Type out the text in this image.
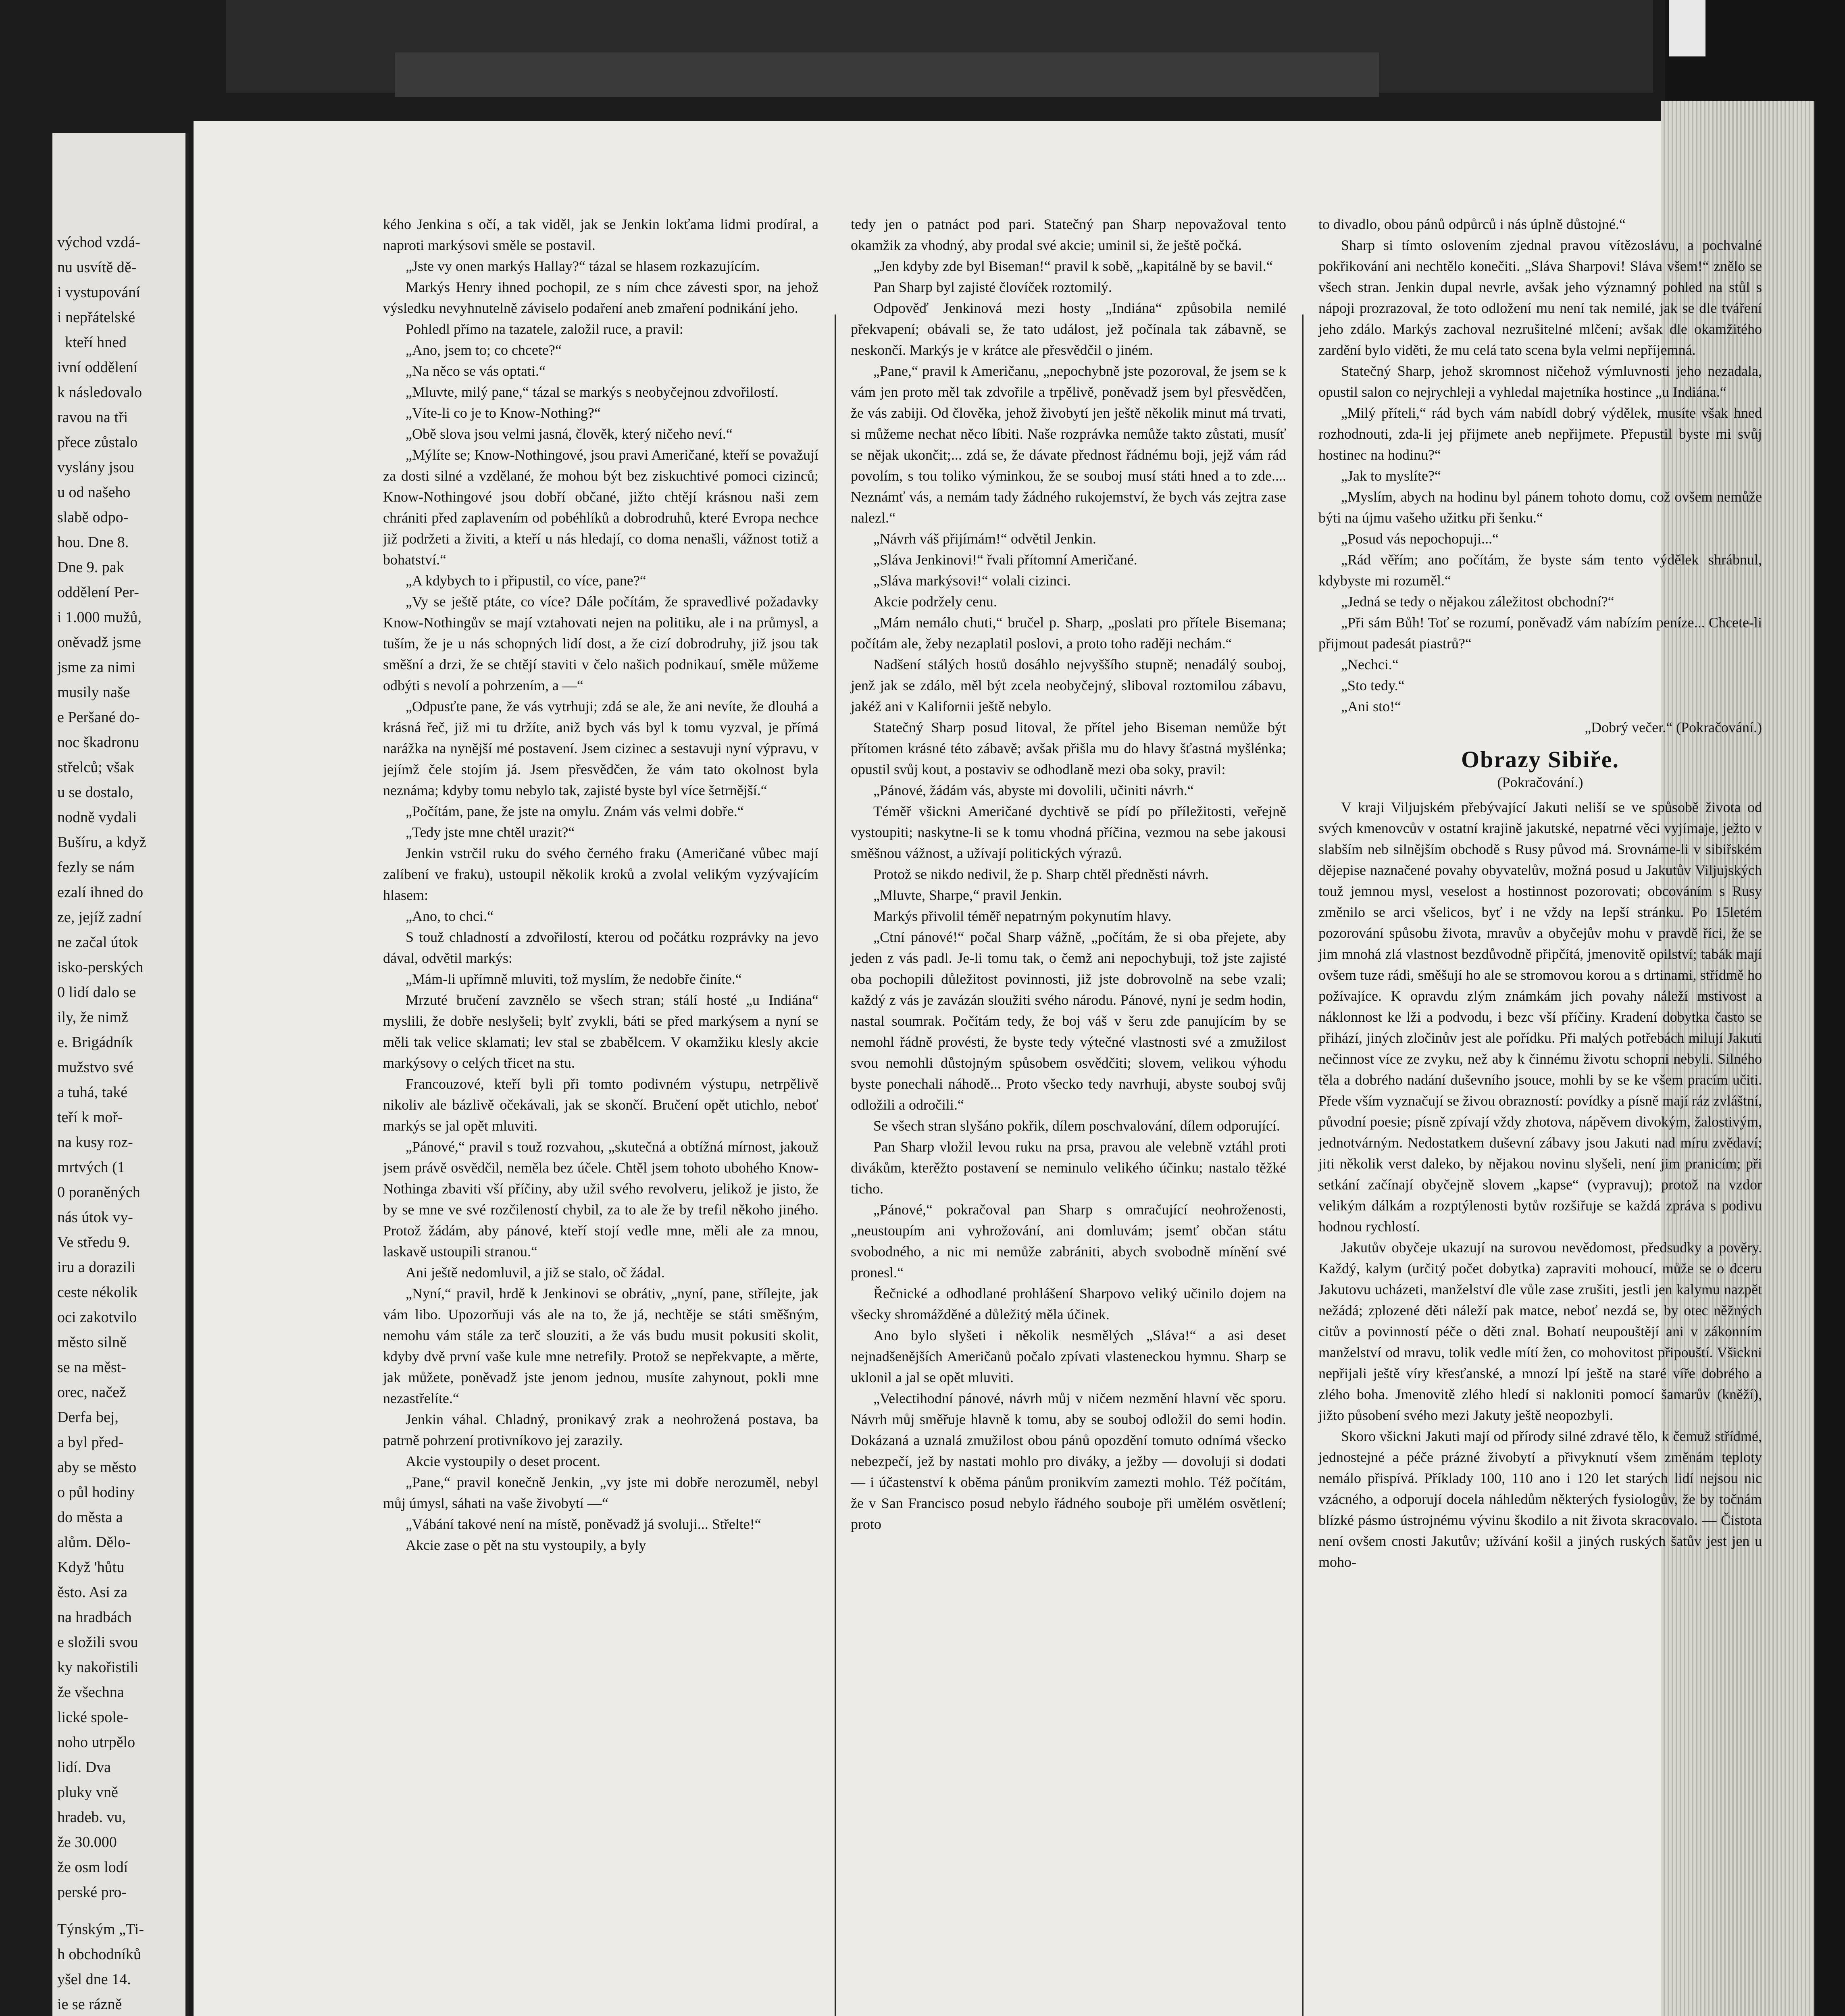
východ vzdá-
nu usvítě dě-
i vystupování
i nepřátelské
kteří hned
ivní oddělení
k následovalo
ravou na tři
přece zůstalo
vyslány jsou
u od našeho
slabě odpo-
hou. Dne 8.
Dne 9. pak
oddělení Per-
i 1.000 mužů,
oněvadž jsme
jsme za nimi
musily naše
e Peršané do-
noc škadronu
střelců; však
u se dostalo,
nodně vydali
Bušíru, a když
fezly se nám
ezalí ihned do
ze, jejíž zadní
ne začal útok
isko-perských
0 lidí dalo se
ily, že nimž
e. Brigádník
mužstvo své
a tuhá, také
teří k moř-
na kusy roz-
mrtvých (1
0 poraněných
nás útok vy-
Ve středu 9.
iru a dorazili
ceste nékolik
oci zakotvilo
město silně
se na měst-
orec, načež
Derfa bej,
a byl před-
aby se město
o půl hodiny
do města a
alům. Dělo-
Když 'hůtu
ěsto. Asi za
na hradbách
e složili svou
ky nakořistili
že všechna
lické spole-
noho utrpělo
lidí. Dva
pluky vně
hradeb. vu,
že 30.000
že osm lodí
perské pro-
Týnským „Ti-
h obchodníků
yšel dne 14.
ie se rázně

kého Jenkina s očí, a tak viděl, jak se Jenkin lokťama lidmi prodíral, a naproti markýsovi směle se postavil.

„Jste vy onen markýs Hallay?“ tázal se hlasem rozkazujícím.

Markýs Henry ihned pochopil, ze s ním chce závesti spor, na jehož výsledku nevyhnutelně záviselo podaření aneb zmaření podnikání jeho.

Pohledl přímo na tazatele, založil ruce, a pravil:

„Ano, jsem to; co chcete?“

„Na něco se vás optati.“

„Mluvte, milý pane,“ tázal se markýs s neobyčejnou zdvořilostí.

„Víte-li co je to Know-Nothing?“

„Obě slova jsou velmi jasná, člověk, který ničeho neví.“

„Mýlíte se; Know-Nothingové, jsou pravi Američané, kteří se považují za dosti silné a vzdělané, že mohou být bez ziskuchtivé pomoci cizinců; Know-Nothingové jsou dobří občané, jižto chtějí krásnou naši zem chrániti před zaplavením od pobéhlíků a dobrodruhů, které Evropa nechce již podržeti a živiti, a kteří u nás hledají, co doma nenašli, vážnost totiž a bohatství.“

„A kdybych to i připustil, co více, pane?“

„Vy se ještě ptáte, co více? Dále počítám, že spravedlivé požadavky Know-Nothingův se mají vztahovati nejen na politiku, ale i na průmysl, a tuším, že je u nás schopných lidí dost, a že cizí dobrodruhy, již jsou tak směšní a drzi, že se chtějí staviti v čelo našich podnikauí, směle můžeme odbýti s nevolí a pohrzením, a —“

„Odpusťte pane, že vás vytrhuji; zdá se ale, že ani nevíte, že dlouhá a krásná řeč, již mi tu držíte, aniž bych vás byl k tomu vyzval, je přímá narážka na nynější mé postavení. Jsem cizinec a sestavuji nyní výpravu, v jejímž čele stojím já. Jsem přesvědčen, že vám tato okolnost byla neznáma; kdyby tomu nebylo tak, zajisté byste byl více šetrnější.“

„Počítám, pane, že jste na omylu. Znám vás velmi dobře.“

„Tedy jste mne chtěl urazit?“

Jenkin vstrčil ruku do svého černého fraku (Američané vůbec mají zalíbení ve fraku), ustoupil několik kroků a zvolal velikým vyzývajícím hlasem:

„Ano, to chci.“

S touž chladností a zdvořilostí, kterou od počátku rozprávky na jevo dával, odvětil markýs:

„Mám-li upřímně mluviti, tož myslím, že nedobře činíte.“

Mrzuté bručení zavznělo se všech stran; stálí hosté „u Indiána“ myslili, že dobře neslyšeli; bylť zvykli, báti se před markýsem a nyní se měli tak velice sklamati; lev stal se zbabělcem. V okamžiku klesly akcie markýsovy o celých třicet na stu.

Francouzové, kteří byli při tomto podivném výstupu, netrpělivě nikoliv ale bázlivě očekávali, jak se skončí. Bručení opět utichlo, neboť markýs se jal opět mluviti.

„Pánové,“ pravil s touž rozvahou, „skutečná a obtížná mírnost, jakouž jsem právě osvědčil, neměla bez účele. Chtěl jsem tohoto ubohého Know-Nothinga zbaviti vší příčiny, aby užil svého revolveru, jelikož je jisto, že by se mne ve své rozčileností chybil, za to ale že by trefil někoho jiného. Protož žádám, aby pánové, kteří stojí vedle mne, měli ale za mnou, laskavě ustoupili stranou.“

Ani ještě nedomluvil, a již se stalo, oč žádal.

„Nyní,“ pravil, hrdě k Jenkinovi se obrátiv, „nyní, pane, střílejte, jak vám libo. Upozorňuji vás ale na to, že já, nechtěje se státi směšným, nemohu vám stále za terč slouziti, a že vás budu musit pokusiti skolit, kdyby dvě první vaše kule mne netrefily. Protož se nepřekvapte, a měrte, jak můžete, poněvadž jste jenom jednou, musíte zahynout, pokli mne nezastřelíte.“

Jenkin váhal. Chladný, pronikavý zrak a neohrožená postava, ba patrně pohrzení protivníkovo jej zarazily.

Akcie vystoupily o deset procent.

„Pane,“ pravil konečně Jenkin, „vy jste mi dobře nerozuměl, nebyl můj úmysl, sáhati na vaše živobytí —“

„Vábání takové není na místě, poněvadž já svoluji... Střelte!“

Akcie zase o pět na stu vystoupily, a byly

tedy jen o patnáct pod pari. Statečný pan Sharp nepovažoval tento okamžik za vhodný, aby prodal své akcie; uminil si, že ještě počká.

„Jen kdyby zde byl Biseman!“ pravil k sobě, „kapitálně by se bavil.“

Pan Sharp byl zajisté človíček roztomilý.

Odpověď Jenkinová mezi hosty „Indiána“ způsobila nemilé překvapení; obávali se, že tato událost, jež počínala tak zábavně, se neskončí. Markýs je v krátce ale přesvědčil o jiném.

„Pane,“ pravil k Američanu, „nepochybně jste pozoroval, že jsem se k vám jen proto měl tak zdvořile a trpělivě, poněvadž jsem byl přesvědčen, že vás zabiji. Od člověka, jehož živobytí jen ještě několik minut má trvati, si můžeme nechat něco líbiti. Naše rozprávka nemůže takto zůstati, musíť se nějak ukončit;... zdá se, že dávate přednost řádnému boji, jejž vám rád povolím, s tou toliko výminkou, že se souboj musí státi hned a to zde.... Neznámť vás, a nemám tady žádného rukojemství, že bych vás zejtra zase nalezl.“

„Návrh váš přijímám!“ odvětil Jenkin.

„Sláva Jenkinovi!“ řvali přítomní Američané.

„Sláva markýsovi!“ volali cizinci.

Akcie podržely cenu.

„Mám nemálo chuti,“ bručel p. Sharp, „poslati pro přítele Bisemana; počítám ale, žeby nezaplatil poslovi, a proto toho raději nechám.“

Nadšení stálých hostů dosáhlo nejvyššího stupně; nenadálý souboj, jenž jak se zdálo, měl být zcela neobyčejný, sliboval roztomilou zábavu, jakéž ani v Kalifornii ještě nebylo.

Statečný Sharp posud litoval, že přítel jeho Biseman nemůže být přítomen krásné této zábavě; avšak přišla mu do hlavy šťastná myšlénka; opustil svůj kout, a postaviv se odhodlaně mezi oba soky, pravil:

„Pánové, žádám vás, abyste mi dovolili, učiniti návrh.“

Téměř všickni Američané dychtivě se pídí po příležitosti, veřejně vystoupiti; naskytne-li se k tomu vhodná příčina, vezmou na sebe jakousi směšnou vážnost, a užívají politických výrazů.

Protož se nikdo nedivil, že p. Sharp chtěl předněsti návrh.

„Mluvte, Sharpe,“ pravil Jenkin.

Markýs přivolil téměř nepatrným pokynutím hlavy.

„Ctní pánové!“ počal Sharp vážně, „počítám, že si oba přejete, aby jeden z vás padl. Je-li tomu tak, o čemž ani nepochybuji, tož jste zajisté oba pochopili důležitost povinnosti, již jste dobrovolně na sebe vzali; každý z vás je zavázán sloužiti svého národu. Pánové, nyní je sedm hodin, nastal soumrak. Počítám tedy, že boj váš v šeru zde panujícím by se nemohl řádně provésti, že byste tedy výtečné vlastnosti své a zmužilost svou nemohli důstojným spůsobem osvědčiti; slovem, velikou výhodu byste ponechali náhodě... Proto všecko tedy navrhuji, abyste souboj svůj odložili a odročili.“

Se všech stran slyšáno pokřik, dílem poschvalování, dílem odporující.

Pan Sharp vložil levou ruku na prsa, pravou ale velebně vztáhl proti divákům, kterěžto postavení se neminulo velikého účinku; nastalo těžké ticho.

„Pánové,“ pokračoval pan Sharp s omračující neohroženosti, „neustoupím ani vyhrožování, ani domluvám; jsemť občan státu svobodného, a nic mi nemůže zabrániti, abych svobodně mínění své pronesl.“

Řečnické a odhodlané prohlášení Sharpovo veliký učinilo dojem na všecky shromážděné a důležitý měla účinek.

Ano bylo slyšeti i několik nesmělých „Sláva!“ a asi deset nejnadšenějších Američanů počalo zpívati vlasteneckou hymnu. Sharp se uklonil a jal se opět mluviti.

„Velectihodní pánové, návrh můj v ničem nezmění hlavní věc sporu. Návrh můj směřuje hlavně k tomu, aby se souboj odložil do semi hodin. Dokázaná a uznalá zmužilost obou pánů opozdění tomuto odnímá všecko nebezpečí, jež by nastati mohlo pro diváky, a ježby — dovoluji si dodati — i účastenství k oběma pánům pronikvím zamezti mohlo. Též počítám, že v San Francisco posud nebylo řádného souboje při umělém osvětlení; proto

to divadlo, obou pánů odpůrců i nás úplně důstojné.“

Sharp si tímto oslovením zjednal pravou vítězoslávu, a pochvalné pokřikování ani nechtělo konečiti. „Sláva Sharpovi! Sláva všem!“ znělo se všech stran. Jenkin dupal nevrle, avšak jeho významný pohled na stůl s nápoji prozrazoval, že toto odložení mu není tak nemilé, jak se dle tváření jeho zdálo. Markýs zachoval nezrušitelné mlčení; avšak dle okamžitého zardění bylo viděti, že mu celá tato scena byla velmi nepříjemná.

Statečný Sharp, jehož skromnost ničehož výmluvnosti jeho nezadala, opustil salon co nejrychleji a vyhledal majetníka hostince „u Indiána.“

„Milý příteli,“ rád bych vám nabídl dobrý výdělek, musíte však hned rozhodnouti, zda-li jej přijmete aneb nepřijmete. Přepustil byste mi svůj hostinec na hodinu?“

„Jak to myslíte?“

„Myslím, abych na hodinu byl pánem tohoto domu, což ovšem nemůže býti na újmu vašeho užitku při šenku.“

„Posud vás nepochopuji...“

„Rád věřím; ano počítám, že byste sám tento výdělek shrábnul, kdybyste mi rozuměl.“

„Jedná se tedy o nějakou záležitost obchodní?“

„Při sám Bůh! Toť se rozumí, poněvadž vám nabízím peníze... Chcete-li přijmout padesát piastrů?“

„Nechci.“

„Sto tedy.“

„Ani sto!“

„Dobrý večer.“ (Pokračování.)

Obrazy Sibiře.
(Pokračování.)

V kraji Viljujském přebývající Jakuti neliší se ve spůsobě života od svých kmenovcův v ostatní krajině jakutské, nepatrné věci vyjímaje, ježto v slabším neb silnějším obchodě s Rusy původ má. Srovnáme-li v sibiřském dějepise naznačené povahy obyvatelův, možná posud u Jakutův Viljujských touž jemnou mysl, veselost a hostinnost pozorovati; obcováním s Rusy změnilo se arci všelicos, byť i ne vždy na lepší stránku. Po 15letém pozorování spůsobu života, mravův a obyčejův mohu v pravdě říci, že se jim mnohá zlá vlastnost bezdůvodně připčítá, jmenovitě opilství; tabák mají ovšem tuze rádi, směšují ho ale se stromovou korou a s drtinami, střídmě ho požívajíce. K opravdu zlým známkám jich povahy náleží mstivost a náklonnost ke lži a podvodu, i bezc vší příčiny. Kradení dobytka často se přihází, jiných zločinův jest ale pořídku. Při malých potřebách milují Jakuti nečinnost více ze zvyku, než aby k činnému životu schopni nebyli. Silného těla a dobrého nadání duševního jsouce, mohli by se ke všem pracím učiti. Přede vším vyznačují se živou obrazností: povídky a písně mají ráz zvláštní, původní poesie; písně zpívají vždy zhotova, nápěvem divokým, žalostivým, jednotvárným. Nedostatkem duševní zábavy jsou Jakuti nad míru zvědaví; jiti několik verst daleko, by nějakou novinu slyšeli, není jim pranicím; při setkání začínají obyčejně slovem „kapse“ (vypravuj); protož na vzdor velikým dálkám a rozptýlenosti bytův rozšiřuje se každá zpráva s podivu hodnou rychlostí.

Jakutův obyčeje ukazují na surovou nevědomost, předsudky a pověry. Každý, kalym (určitý počet dobytka) zapraviti mohoucí, může se o dceru Jakutovu ucházeti, manželství dle vůle zase zrušiti, jestli jen kalymu nazpět nežádá; zplozené děti náleží pak matce, neboť nezdá se, by otec něžných citův a povinností péče o děti znal. Bohatí neupouštějí ani v zákonním manželství od mravu, tolik vedle mítí žen, co mohovitost připouští. Všickni nepřijali ještě víry křesťanské, a mnozí lpí ještě na staré víře dobrého a zlého boha. Jmenovitě zlého hledí si nakloniti pomocí šamarův (kněží), jižto působení svého mezi Jakuty ještě neopozbyli.

Skoro všickni Jakuti mají od přírody silné zdravé tělo, k čemuž střídmé, jednostejné a péče prázné živobytí a přivyknutí všem změnám teploty nemálo přispívá. Příklady 100, 110 ano i 120 let starých lidí nejsou nic vzácného, a odporují docela náhledům některých fysiologův, že by točnám blízké pásmo ústrojnému vývinu škodilo a nit života skracovalo. — Čistota není ovšem cnosti Jakutův; užívání košil a jiných ruských šatův jest jen u moho-
